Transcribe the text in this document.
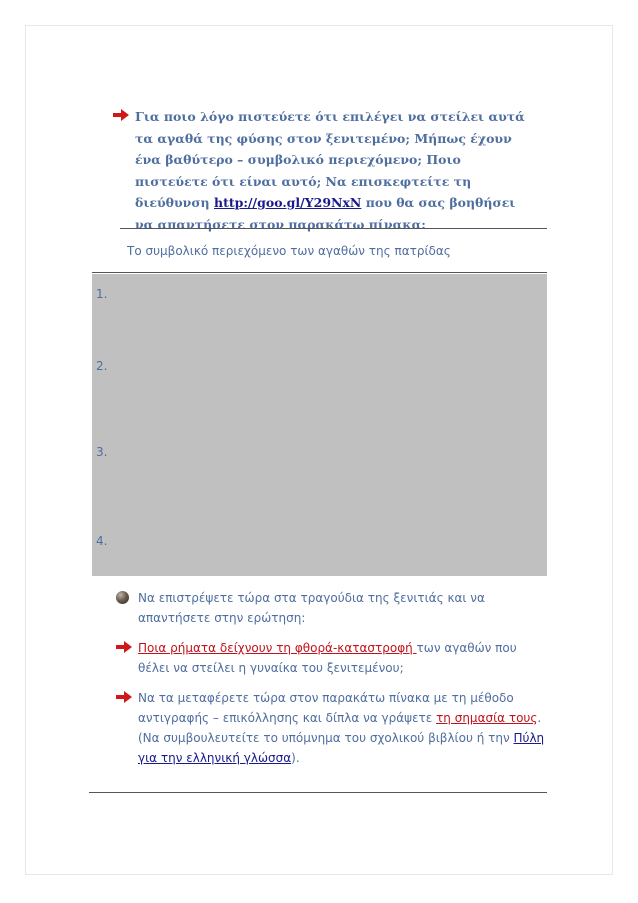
Για ποιο λόγο πιστεύετε ότι επιλέγει να στείλει αυτά τα αγαθά της φύσης στον ξενιτεμένο; Μήπως έχουν ένα βαθύτερο – συμβολικό περιεχόμενο; Ποιο πιστεύετε ότι είναι αυτό; Να επισκεφτείτε τη διεύθυνση http://goo.gl/Y29NxN που θα σας βοηθήσει να απαντήσετε στον παρακάτω πίνακα:

Το συμβολικό περιεχόμενο των αγαθών της πατρίδας
1.
2.
3.
4.

Να επιστρέψετε τώρα στα τραγούδια της ξενιτιάς και να απαντήσετε στην ερώτηση:

Ποια ρήματα δείχνουν τη φθορά-καταστροφή των αγαθών που θέλει να στείλει η γυναίκα του ξενιτεμένου;

Να τα μεταφέρετε τώρα στον παρακάτω πίνακα με τη μέθοδο αντιγραφής – επικόλλησης και δίπλα να γράψετε τη σημασία τους. (Να συμβουλευτείτε το υπόμνημα του σχολικού βιβλίου ή την Πύλη για την ελληνική γλώσσα).
